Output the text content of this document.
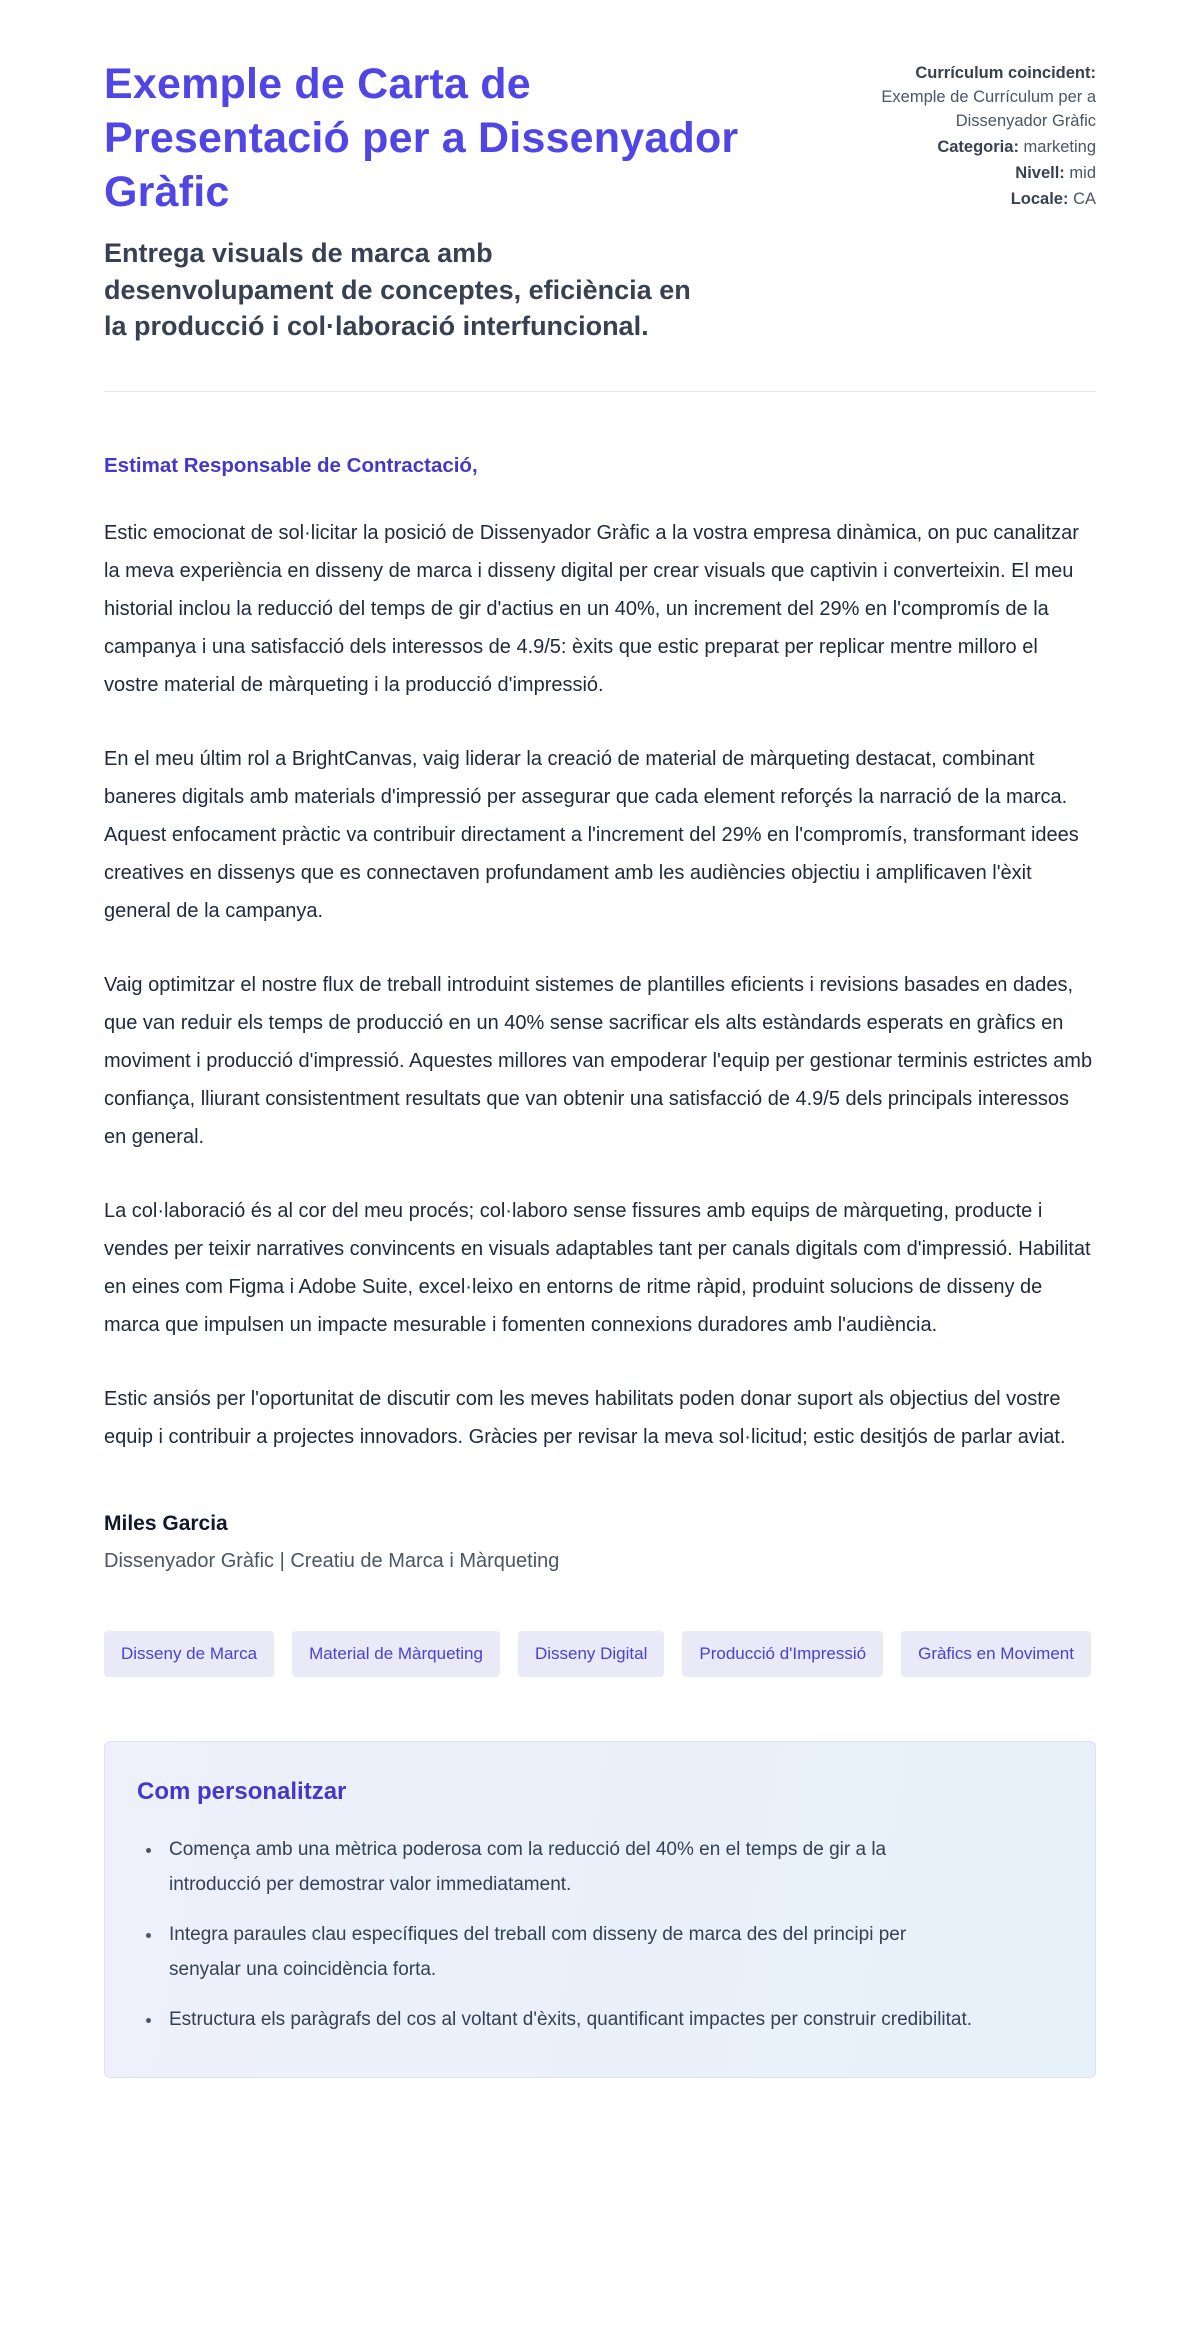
Exemple de Carta de Presentació per a Dissenyador Gràfic
Entrega visuals de marca amb desenvolupament de conceptes, eficiència en la producció i col·laboració interfuncional.
Currículum coincident:
Exemple de Currículum per a Dissenyador Gràfic
Categoria: marketing
Nivell: mid
Locale: CA
Estimat Responsable de Contractació,

Estic emocionat de sol·licitar la posició de Dissenyador Gràfic a la vostra empresa dinàmica, on puc canalitzar la meva experiència en disseny de marca i disseny digital per crear visuals que captivin i converteixin. El meu historial inclou la reducció del temps de gir d'actius en un 40%, un increment del 29% en l'compromís de la campanya i una satisfacció dels interessos de 4.9/5: èxits que estic preparat per replicar mentre milloro el vostre material de màrqueting i la producció d'impressió.

En el meu últim rol a BrightCanvas, vaig liderar la creació de material de màrqueting destacat, combinant baneres digitals amb materials d'impressió per assegurar que cada element reforçés la narració de la marca. Aquest enfocament pràctic va contribuir directament a l'increment del 29% en l'compromís, transformant idees creatives en dissenys que es connectaven profundament amb les audiències objectiu i amplificaven l'èxit general de la campanya.

Vaig optimitzar el nostre flux de treball introduint sistemes de plantilles eficients i revisions basades en dades, que van reduir els temps de producció en un 40% sense sacrificar els alts estàndards esperats en gràfics en moviment i producció d'impressió. Aquestes millores van empoderar l'equip per gestionar terminis estrictes amb confiança, lliurant consistentment resultats que van obtenir una satisfacció de 4.9/5 dels principals interessos en general.

La col·laboració és al cor del meu procés; col·laboro sense fissures amb equips de màrqueting, producte i vendes per teixir narratives convincents en visuals adaptables tant per canals digitals com d'impressió. Habilitat en eines com Figma i Adobe Suite, excel·leixo en entorns de ritme ràpid, produint solucions de disseny de marca que impulsen un impacte mesurable i fomenten connexions duradores amb l'audiència.

Estic ansiós per l'oportunitat de discutir com les meves habilitats poden donar suport als objectius del vostre equip i contribuir a projectes innovadors. Gràcies per revisar la meva sol·licitud; estic desitjós de parlar aviat.

Miles Garcia
Dissenyador Gràfic | Creatiu de Marca i Màrqueting
Disseny de Marca	Material de Màrqueting	Disseny Digital	Producció d'Impressió	Gràfics en Moviment
Com personalitzar
• Comença amb una mètrica poderosa com la reducció del 40% en el temps de gir a la introducció per demostrar valor immediatament.
• Integra paraules clau específiques del treball com disseny de marca des del principi per senyalar una coincidència forta.
• Estructura els paràgrafs del cos al voltant d'èxits, quantificant impactes per construir credibilitat.
